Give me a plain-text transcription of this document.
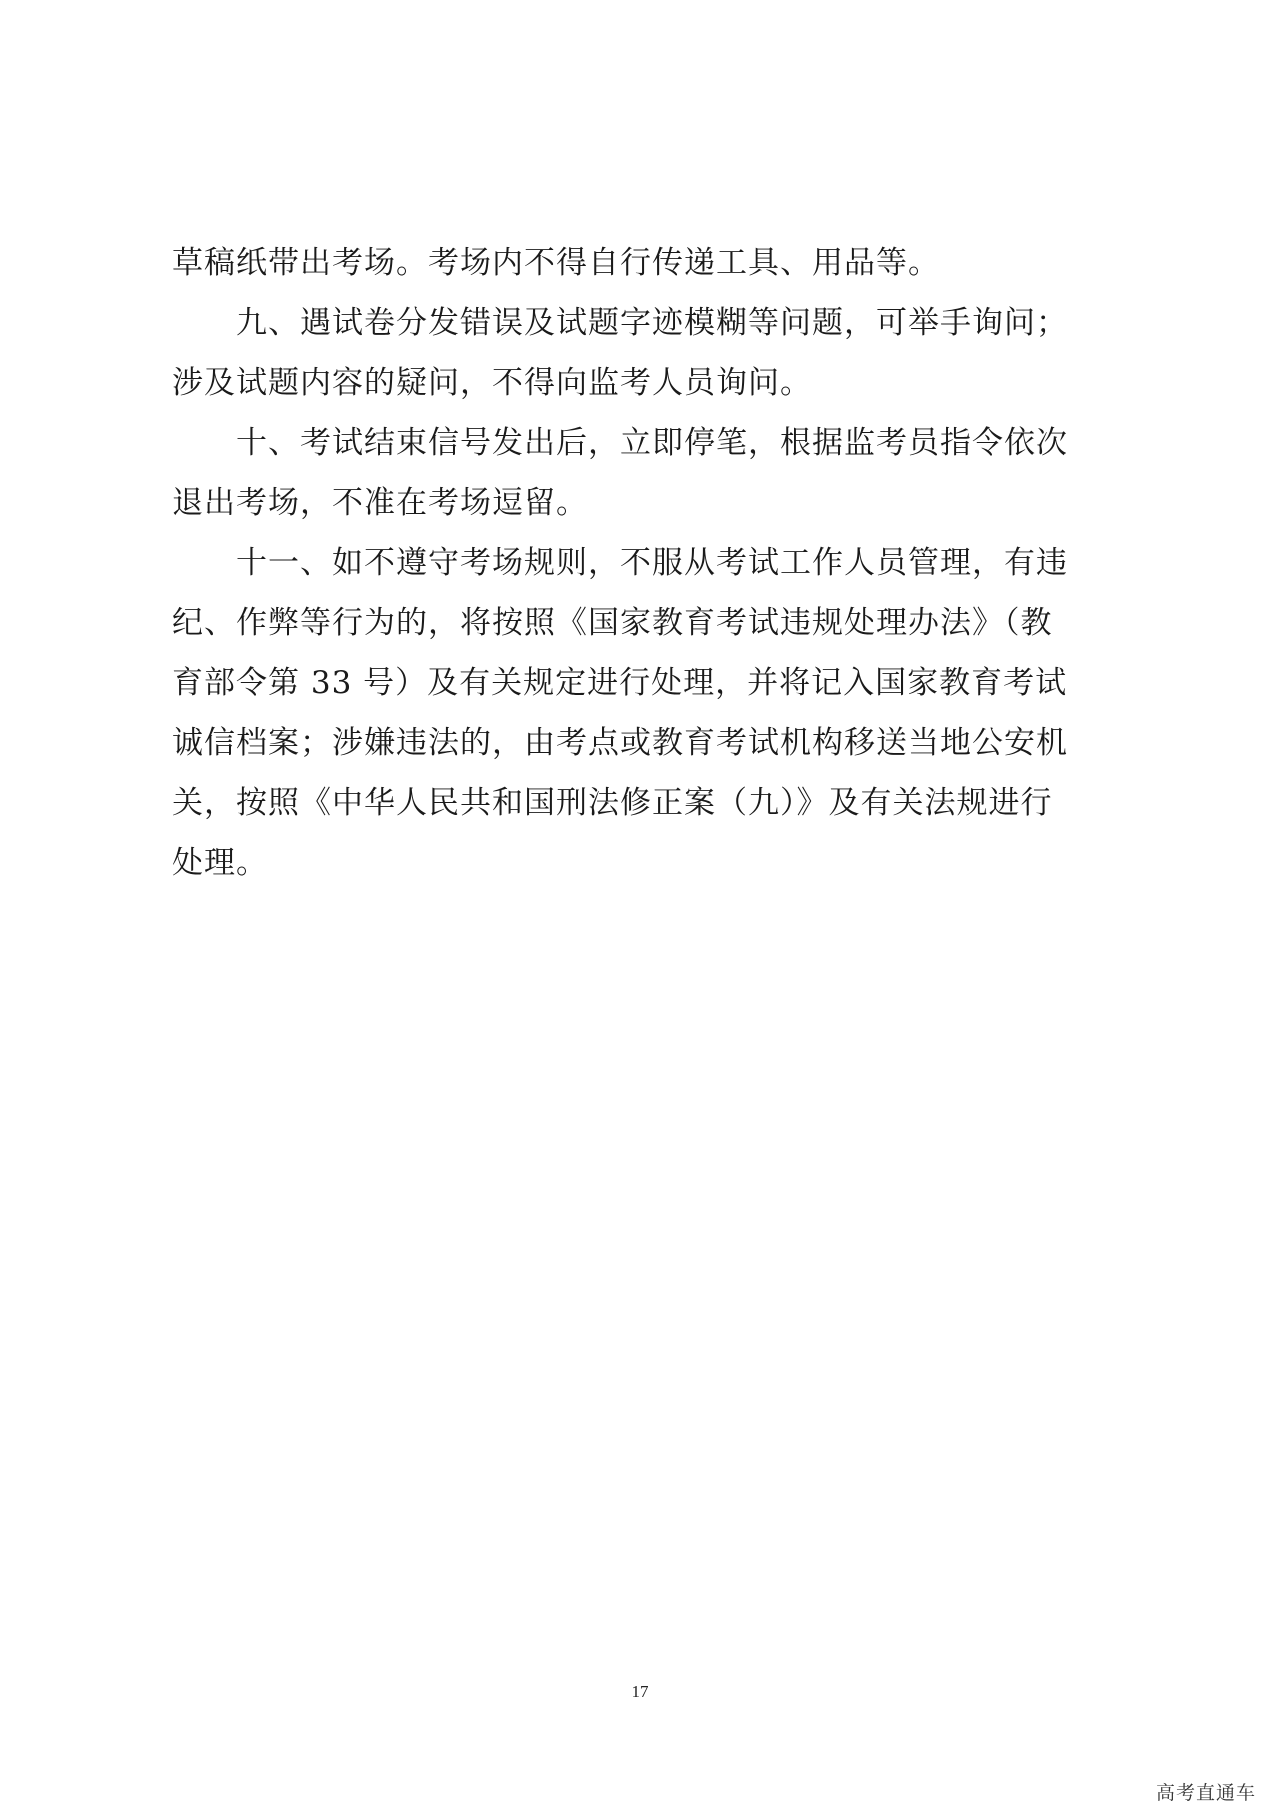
草稿纸带出考场。考场内不得自行传递工具、用品等。
九、遇试卷分发错误及试题字迹模糊等问题，可举手询问；
涉及试题内容的疑问，不得向监考人员询问。
十、考试结束信号发出后，立即停笔，根据监考员指令依次
退出考场，不准在考场逗留。
十一、如不遵守考场规则，不服从考试工作人员管理，有违
纪、作弊等行为的，将按照《国家教育考试违规处理办法》（教
育部令第 33 号）及有关规定进行处理，并将记入国家教育考试
诚信档案；涉嫌违法的，由考点或教育考试机构移送当地公安机
关，按照《中华人民共和国刑法修正案（九）》及有关法规进行
处理。
17
高考直通车
